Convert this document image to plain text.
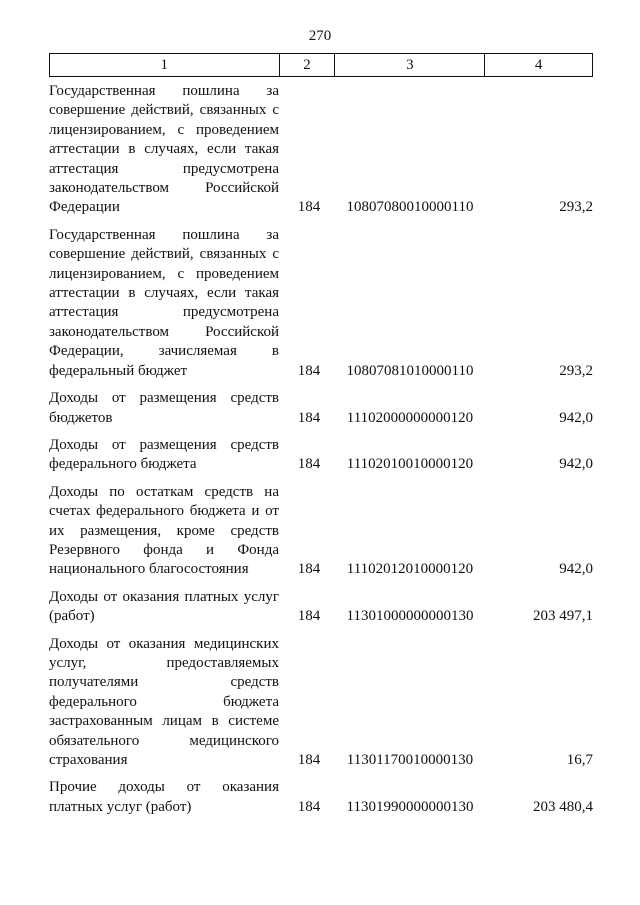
270
1	2	3	4
Государственная пошлина за совершение действий, связанных с лицензированием, с проведением аттестации в случаях, если такая аттестация предусмотрена законодательством Российской Федерации	184	10807080010000110	293,2
Государственная пошлина за совершение действий, связанных с лицензированием, с проведением аттестации в случаях, если такая аттестация предусмотрена законодательством Российской Федерации, зачисляемая в федеральный бюджет	184	10807081010000110	293,2
Доходы от размещения средств бюджетов	184	11102000000000120	942,0
Доходы от размещения средств федерального бюджета	184	11102010010000120	942,0
Доходы по остаткам средств на счетах федерального бюджета и от их размещения, кроме средств Резервного фонда и Фонда национального благосостояния	184	11102012010000120	942,0
Доходы от оказания платных услуг (работ)	184	11301000000000130	203 497,1
Доходы от оказания медицинских услуг, предоставляемых получателями средств федерального бюджета застрахованным лицам в системе обязательного медицинского страхования	184	11301170010000130	16,7
Прочие доходы от оказания платных услуг (работ)	184	11301990000000130	203 480,4
